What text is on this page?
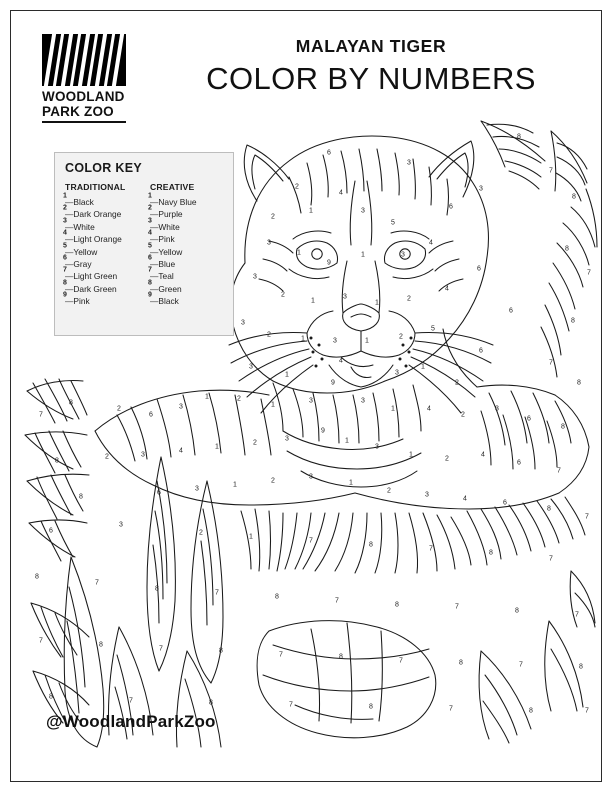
6
3
8
7
8
3
6
2
4
3
1
2
5
3
1
9
1	3
4
8
7
6
3
2
1
3
1
2
4
6
8
3
2
1	3	1
2
5
6
7
4
3
1	3
1
2	8
9
3
1
2
1
3
6
2
8
7
3
1	4
2
3
6
8
9
1
3
2
1
4
3
2
8
3
1
2
4
6
7
3
2
1
3
6
8
1
2
3
4
6
8
7
3
6	2
1
7
8
7
8
7
8
7
8
7
8
7
8	7
8
7
7
8
7	8
7	8
7	8	7	8
8
7	8	7	8	7	8	7
WOODLAND
PARK ZOO
MALAYAN TIGER
COLOR BY NUMBERS
COLOR KEY
TRADITIONAL
1
—Black
2
—Dark Orange
3
—White
4
—Light Orange
5
—Yellow
6
—Gray
7
—Light Green
8
—Dark Green
9
—Pink
CREATIVE
1
—Navy Blue
2
—Purple
3
—White
4
—Pink
5
—Yellow
6
—Blue
7
—Teal
8
—Green
9
—Black
@WoodlandParkZoo
